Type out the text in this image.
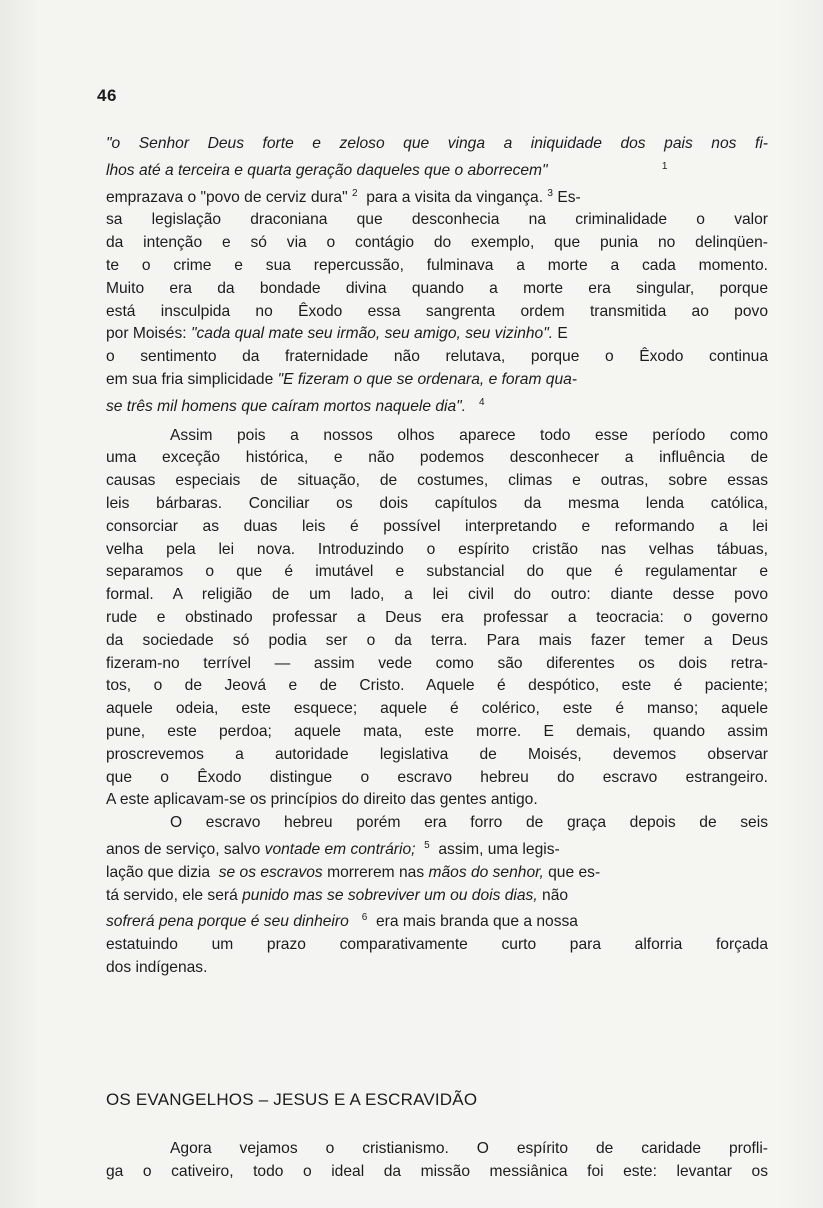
46
"o Senhor Deus forte e zeloso que vinga a iniquidade dos pais nos fi-
lhos até a terceira e quarta geração daqueles que o aborrecem"	$^1$
emprazava o "povo de cerviz dura" $^2$ para a visita da vingança. $^3$ Es-
sa legislação draconiana que desconhecia na criminalidade o valor
da intenção e só via o contágio do exemplo, que punia no delinqüen-
te o crime e sua repercussão, fulminava a morte a cada momento.
Muito era da bondade divina quando a morte era singular, porque
está insculpida no Êxodo essa sangrenta ordem transmitida ao povo
por Moisés: "cada qual mate seu irmão, seu amigo, seu vizinho". E
o sentimento da fraternidade não relutava, porque o Êxodo continua
em sua fria simplicidade "E fizeram o que se ordenara, e foram qua-
se três mil homens que caíram mortos naquele dia". $^4$
Assim pois a nossos olhos aparece todo esse período como
uma exceção histórica, e não podemos desconhecer a influência de
causas especiais de situação, de costumes, climas e outras, sobre essas
leis bárbaras. Conciliar os dois capítulos da mesma lenda católica,
consorciar as duas leis é possível interpretando e reformando a lei
velha pela lei nova. Introduzindo o espírito cristão nas velhas tábuas,
separamos o que é imutável e substancial do que é regulamentar e
formal. A religião de um lado, a lei civil do outro: diante desse povo
rude e obstinado professar a Deus era professar a teocracia: o governo
da sociedade só podia ser o da terra. Para mais fazer temer a Deus
fizeram-no terrível — assim vede como são diferentes os dois retra-
tos, o de Jeová e de Cristo. Aquele é despótico, este é paciente;
aquele odeia, este esquece; aquele é colérico, este é manso; aquele
pune, este perdoa; aquele mata, este morre. E demais, quando assim
proscrevemos a autoridade legislativa de Moisés, devemos observar
que o Êxodo distingue o escravo hebreu do escravo estrangeiro.
A este aplicavam-se os princípios do direito das gentes antigo.
O escravo hebreu porém era forro de graça depois de seis
anos de serviço, salvo vontade em contrário; $^5$ assim, uma legis-
lação que dizia se os escravos morrerem nas mãos do senhor, que es-
tá servido, ele será punido mas se sobreviver um ou dois dias, não
sofrerá pena porque é seu dinheiro $^6$ era mais branda que a nossa
estatuindo um prazo comparativamente curto para alforria forçada
dos indígenas.
OS EVANGELHOS – JESUS E A ESCRAVIDÃO
Agora vejamos o cristianismo. O espírito de caridade profli-
ga o cativeiro, todo o ideal da missão messiânica foi este: levantar os
